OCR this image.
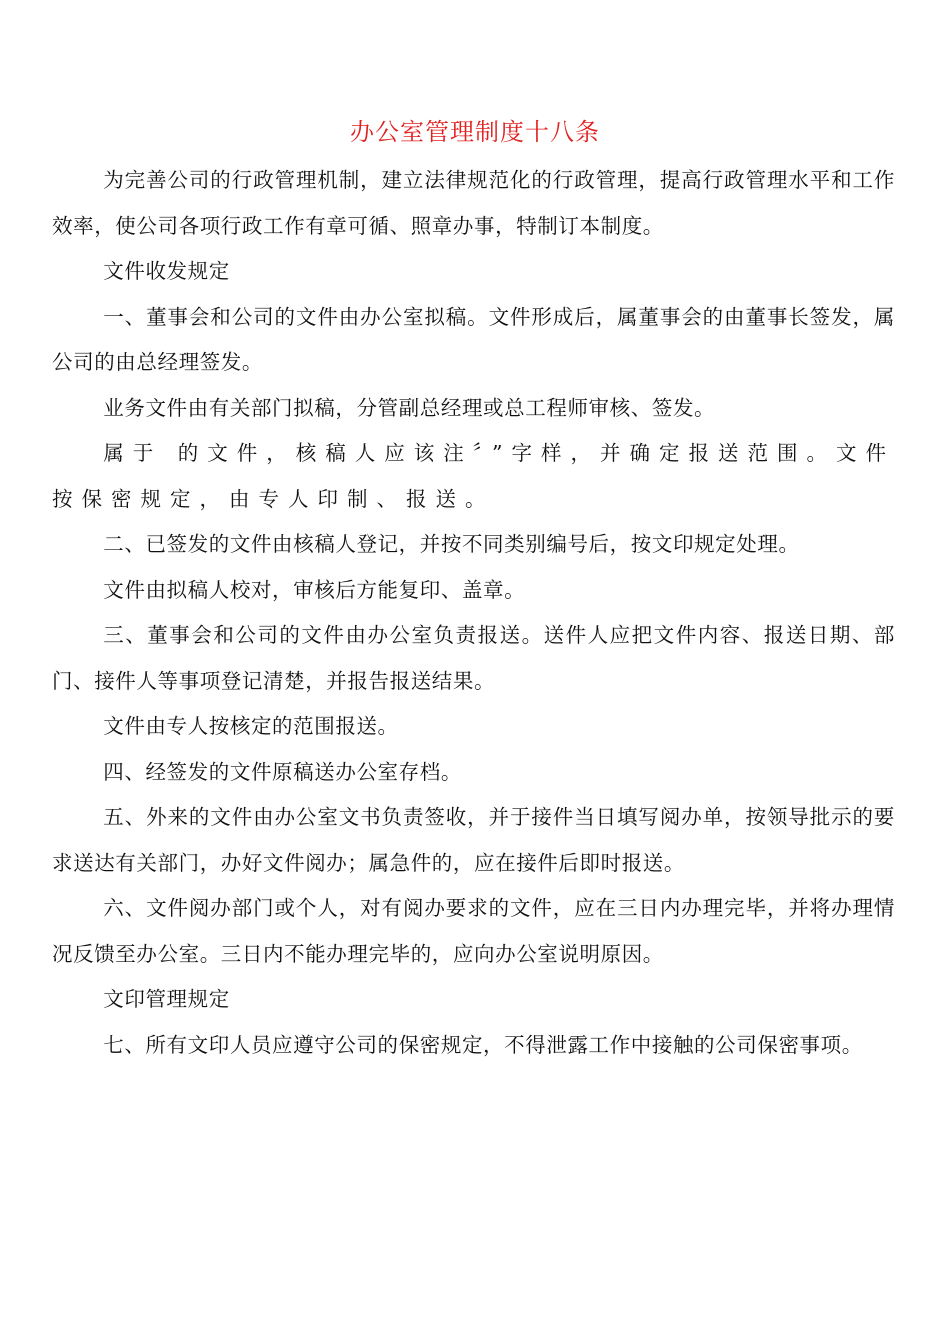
办公室管理制度十八条

为完善公司的行政管理机制，建立法律规范化的行政管理，提高行政管理水平和工作效率，使公司各项行政工作有章可循、照章办事，特制订本制度。

文件收发规定

一、董事会和公司的文件由办公室拟稿。文件形成后，属董事会的由董事长签发，属公司的由总经理签发。

业务文件由有关部门拟稿，分管副总经理或总工程师审核、签发。

属于 的文件，核稿人应该注〞”字样，并确定报送范围。文件按保密规定，由专人印制、报送。

二、已签发的文件由核稿人登记，并按不同类别编号后，按文印规定处理。

文件由拟稿人校对，审核后方能复印、盖章。

三、董事会和公司的文件由办公室负责报送。送件人应把文件内容、报送日期、部门、接件人等事项登记清楚，并报告报送结果。

文件由专人按核定的范围报送。

四、经签发的文件原稿送办公室存档。

五、外来的文件由办公室文书负责签收，并于接件当日填写阅办单，按领导批示的要求送达有关部门，办好文件阅办；属急件的，应在接件后即时报送。

六、文件阅办部门或个人，对有阅办要求的文件，应在三日内办理完毕，并将办理情况反馈至办公室。三日内不能办理完毕的，应向办公室说明原因。

文印管理规定

七、所有文印人员应遵守公司的保密规定，不得泄露工作中接触的公司保密事项。
